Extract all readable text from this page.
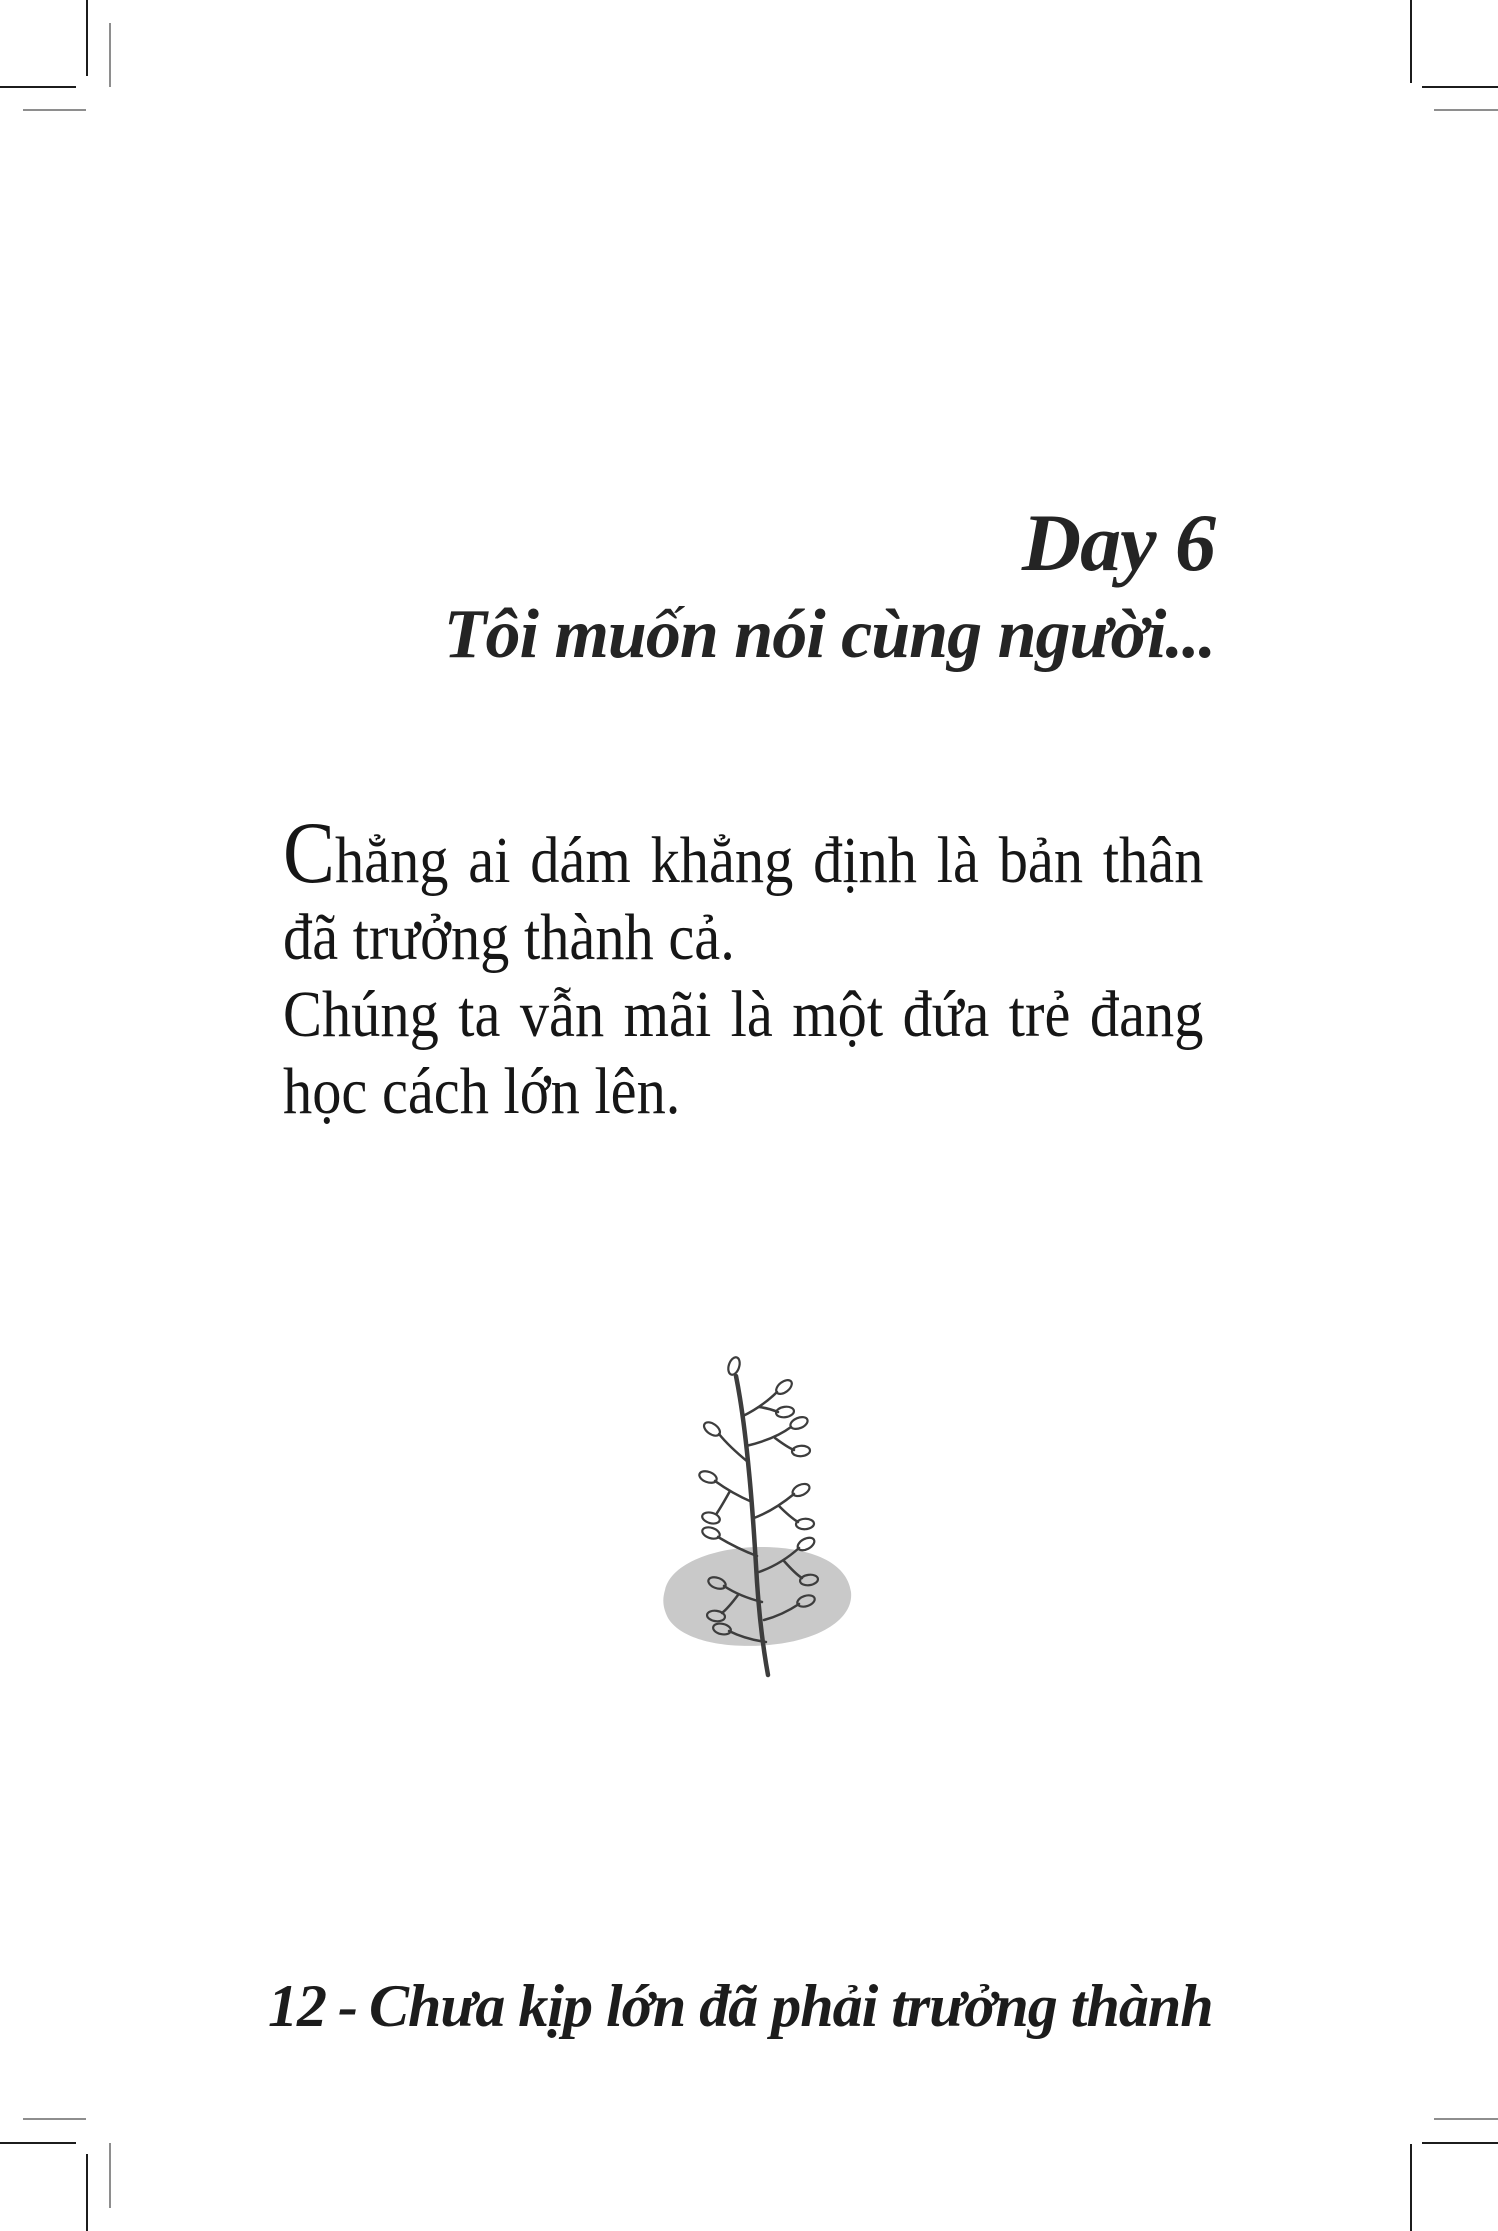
Day 6
Tôi muốn nói cùng người...

Chẳng ai dám khẳng định là bản thân đã trưởng thành cả.

Chúng ta vẫn mãi là một đứa trẻ đang học cách lớn lên.

12 - Chưa kịp lớn đã phải trưởng thành
